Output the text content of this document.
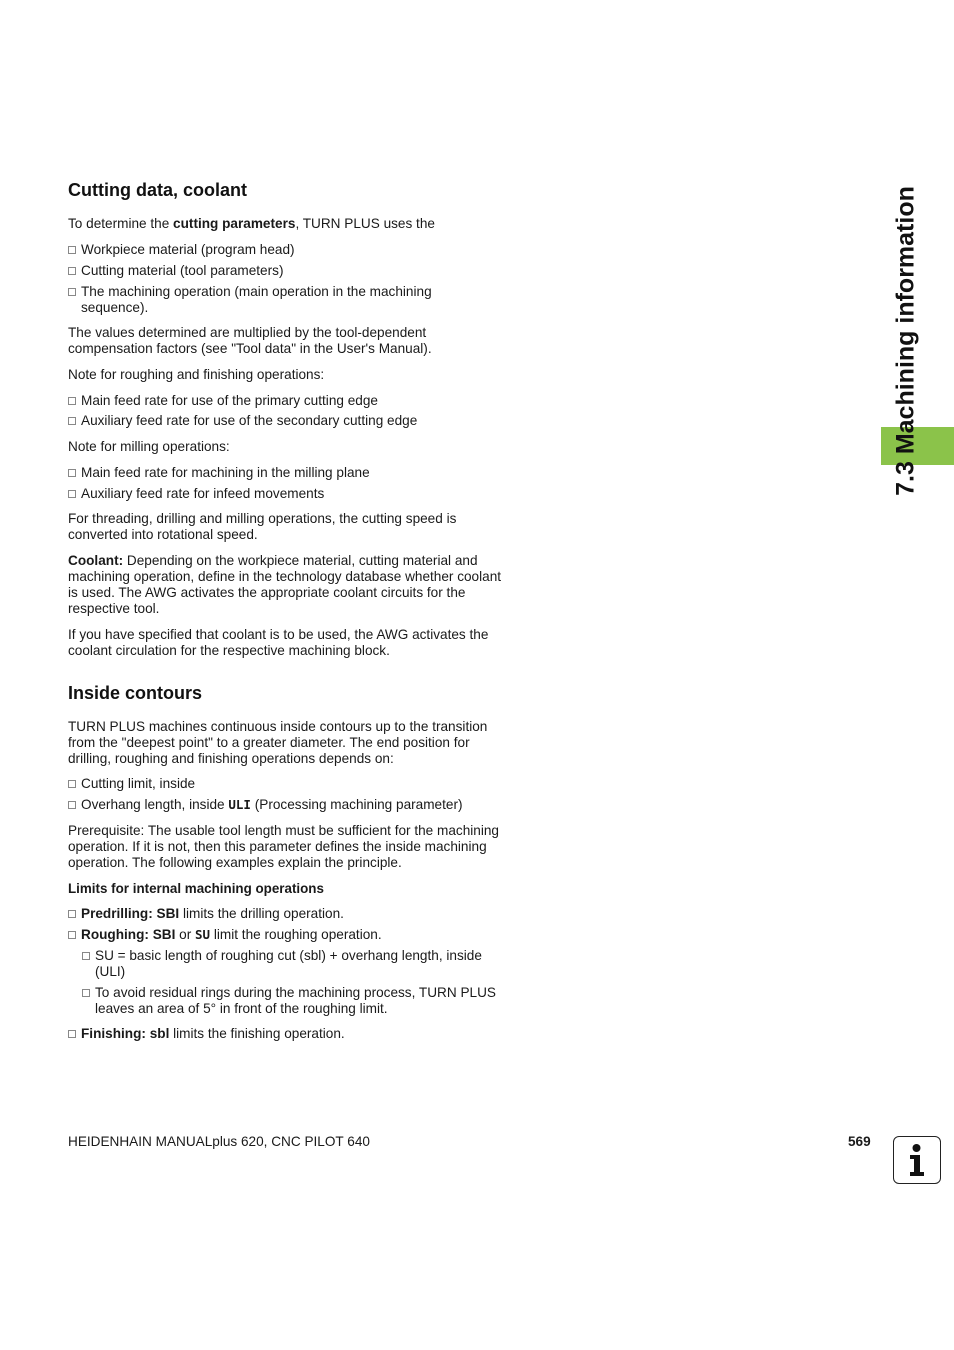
7.3 Machining information
Cutting data, coolant

To determine the cutting parameters, TURN PLUS uses the

Workpiece material (program head)
Cutting material (tool parameters)
The machining operation (main operation in the machining sequence).

The values determined are multiplied by the tool-dependent compensation factors (see "Tool data" in the User's Manual).

Note for roughing and finishing operations:

Main feed rate for use of the primary cutting edge
Auxiliary feed rate for use of the secondary cutting edge

Note for milling operations:

Main feed rate for machining in the milling plane
Auxiliary feed rate for infeed movements

For threading, drilling and milling operations, the cutting speed is converted into rotational speed.

Coolant: Depending on the workpiece material, cutting material and machining operation, define in the technology database whether coolant is used. The AWG activates the appropriate coolant circuits for the respective tool.

If you have specified that coolant is to be used, the AWG activates the coolant circulation for the respective machining block.

Inside contours

TURN PLUS machines continuous inside contours up to the transition from the "deepest point" to a greater diameter. The end position for drilling, roughing and finishing operations depends on:

Cutting limit, inside
Overhang length, inside ULI (Processing machining parameter)

Prerequisite: The usable tool length must be sufficient for the machining operation. If it is not, then this parameter defines the inside machining operation. The following examples explain the principle.

Limits for internal machining operations
Predrilling: SBI limits the drilling operation.
Roughing: SBI or SU limit the roughing operation.
SU = basic length of roughing cut (sbl) + overhang length, inside (ULI)
To avoid residual rings during the machining process, TURN PLUS leaves an area of 5° in front of the roughing limit.
Finishing: sbl limits the finishing operation.
HEIDENHAIN MANUALplus 620, CNC PILOT 640	569
